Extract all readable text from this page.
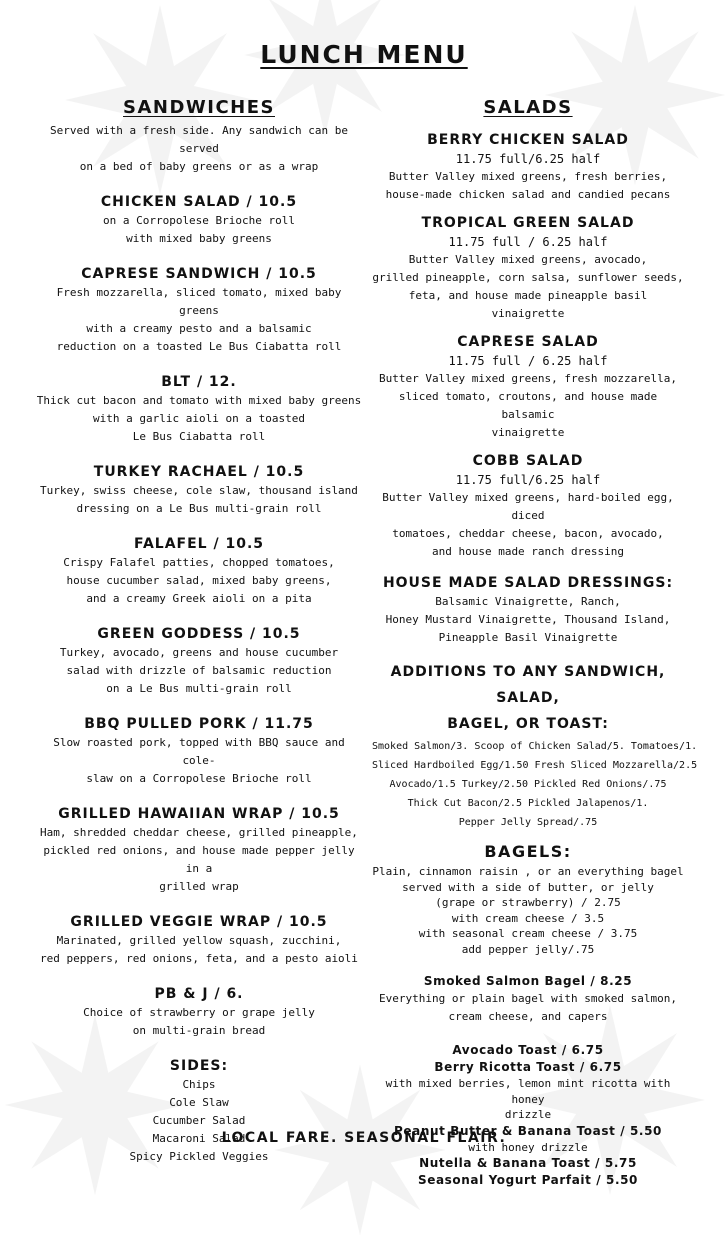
LUNCH MENU
SANDWICHES

Served with a fresh side. Any sandwich can be served
on a bed of baby greens or as a wrap

CHICKEN SALAD / 10.5

on a Corropolese Brioche roll
with mixed baby greens

CAPRESE SANDWICH / 10.5

Fresh mozzarella, sliced tomato, mixed baby greens
with a creamy pesto and a balsamic
reduction on a toasted Le Bus Ciabatta roll

BLT / 12.

Thick cut bacon and tomato with mixed baby greens
with a garlic aioli on a toasted
Le Bus Ciabatta roll

TURKEY RACHAEL / 10.5

Turkey, swiss cheese, cole slaw, thousand island
dressing on a Le Bus multi-grain roll

FALAFEL / 10.5

Crispy Falafel patties, chopped tomatoes,
house cucumber salad, mixed baby greens,
and a creamy Greek aioli on a pita

GREEN GODDESS / 10.5

Turkey, avocado, greens and house cucumber
salad with drizzle of balsamic reduction
on a Le Bus multi-grain roll

BBQ PULLED PORK / 11.75

Slow roasted pork, topped with BBQ sauce and cole-
slaw on a Corropolese Brioche roll

GRILLED HAWAIIAN WRAP / 10.5

Ham, shredded cheddar cheese, grilled pineapple,
pickled red onions, and house made pepper jelly in a
grilled wrap

GRILLED VEGGIE WRAP / 10.5

Marinated, grilled yellow squash, zucchini,
red peppers, red onions, feta, and a pesto aioli

PB & J / 6.

Choice of strawberry or grape jelly
on multi-grain bread

SIDES:

Chips
Cole Slaw
Cucumber Salad
Macaroni Salad
Spicy Pickled Veggies

SALADS

BERRY CHICKEN SALAD

11.75 full/6.25 half

Butter Valley mixed greens, fresh berries,
house-made chicken salad and candied pecans

TROPICAL GREEN SALAD

11.75 full / 6.25 half

Butter Valley mixed greens, avocado,
grilled pineapple, corn salsa, sunflower seeds,
feta, and house made pineapple basil vinaigrette

CAPRESE SALAD

11.75 full / 6.25 half

Butter Valley mixed greens, fresh mozzarella,
sliced tomato, croutons, and house made balsamic
vinaigrette

COBB SALAD

11.75 full/6.25 half

Butter Valley mixed greens, hard-boiled egg, diced
tomatoes, cheddar cheese, bacon, avocado,
and house made ranch dressing

HOUSE MADE SALAD DRESSINGS:

Balsamic Vinaigrette, Ranch,
Honey Mustard Vinaigrette, Thousand Island,
Pineapple Basil Vinaigrette

ADDITIONS TO ANY SANDWICH, SALAD,
BAGEL, OR TOAST:

Smoked Salmon/3. Scoop of Chicken Salad/5. Tomatoes/1.
Sliced Hardboiled Egg/1.50 Fresh Sliced Mozzarella/2.5
Avocado/1.5 Turkey/2.50 Pickled Red Onions/.75
Thick Cut Bacon/2.5 Pickled Jalapenos/1.
Pepper Jelly Spread/.75

BAGELS:

Plain, cinnamon raisin , or an everything bagel
served with a side of butter, or jelly
(grape or strawberry) / 2.75
with cream cheese / 3.5
with seasonal cream cheese / 3.75
add pepper jelly/.75

Smoked Salmon Bagel / 8.25

Everything or plain bagel with smoked salmon,
cream cheese, and capers

Avocado Toast / 6.75

Berry Ricotta Toast / 6.75

with mixed berries, lemon mint ricotta with honey
drizzle

Peanut Butter & Banana Toast / 5.50

with honey drizzle

Nutella & Banana Toast / 5.75

Seasonal Yogurt Parfait / 5.50

LOCAL FARE. SEASONAL FLAIR.
